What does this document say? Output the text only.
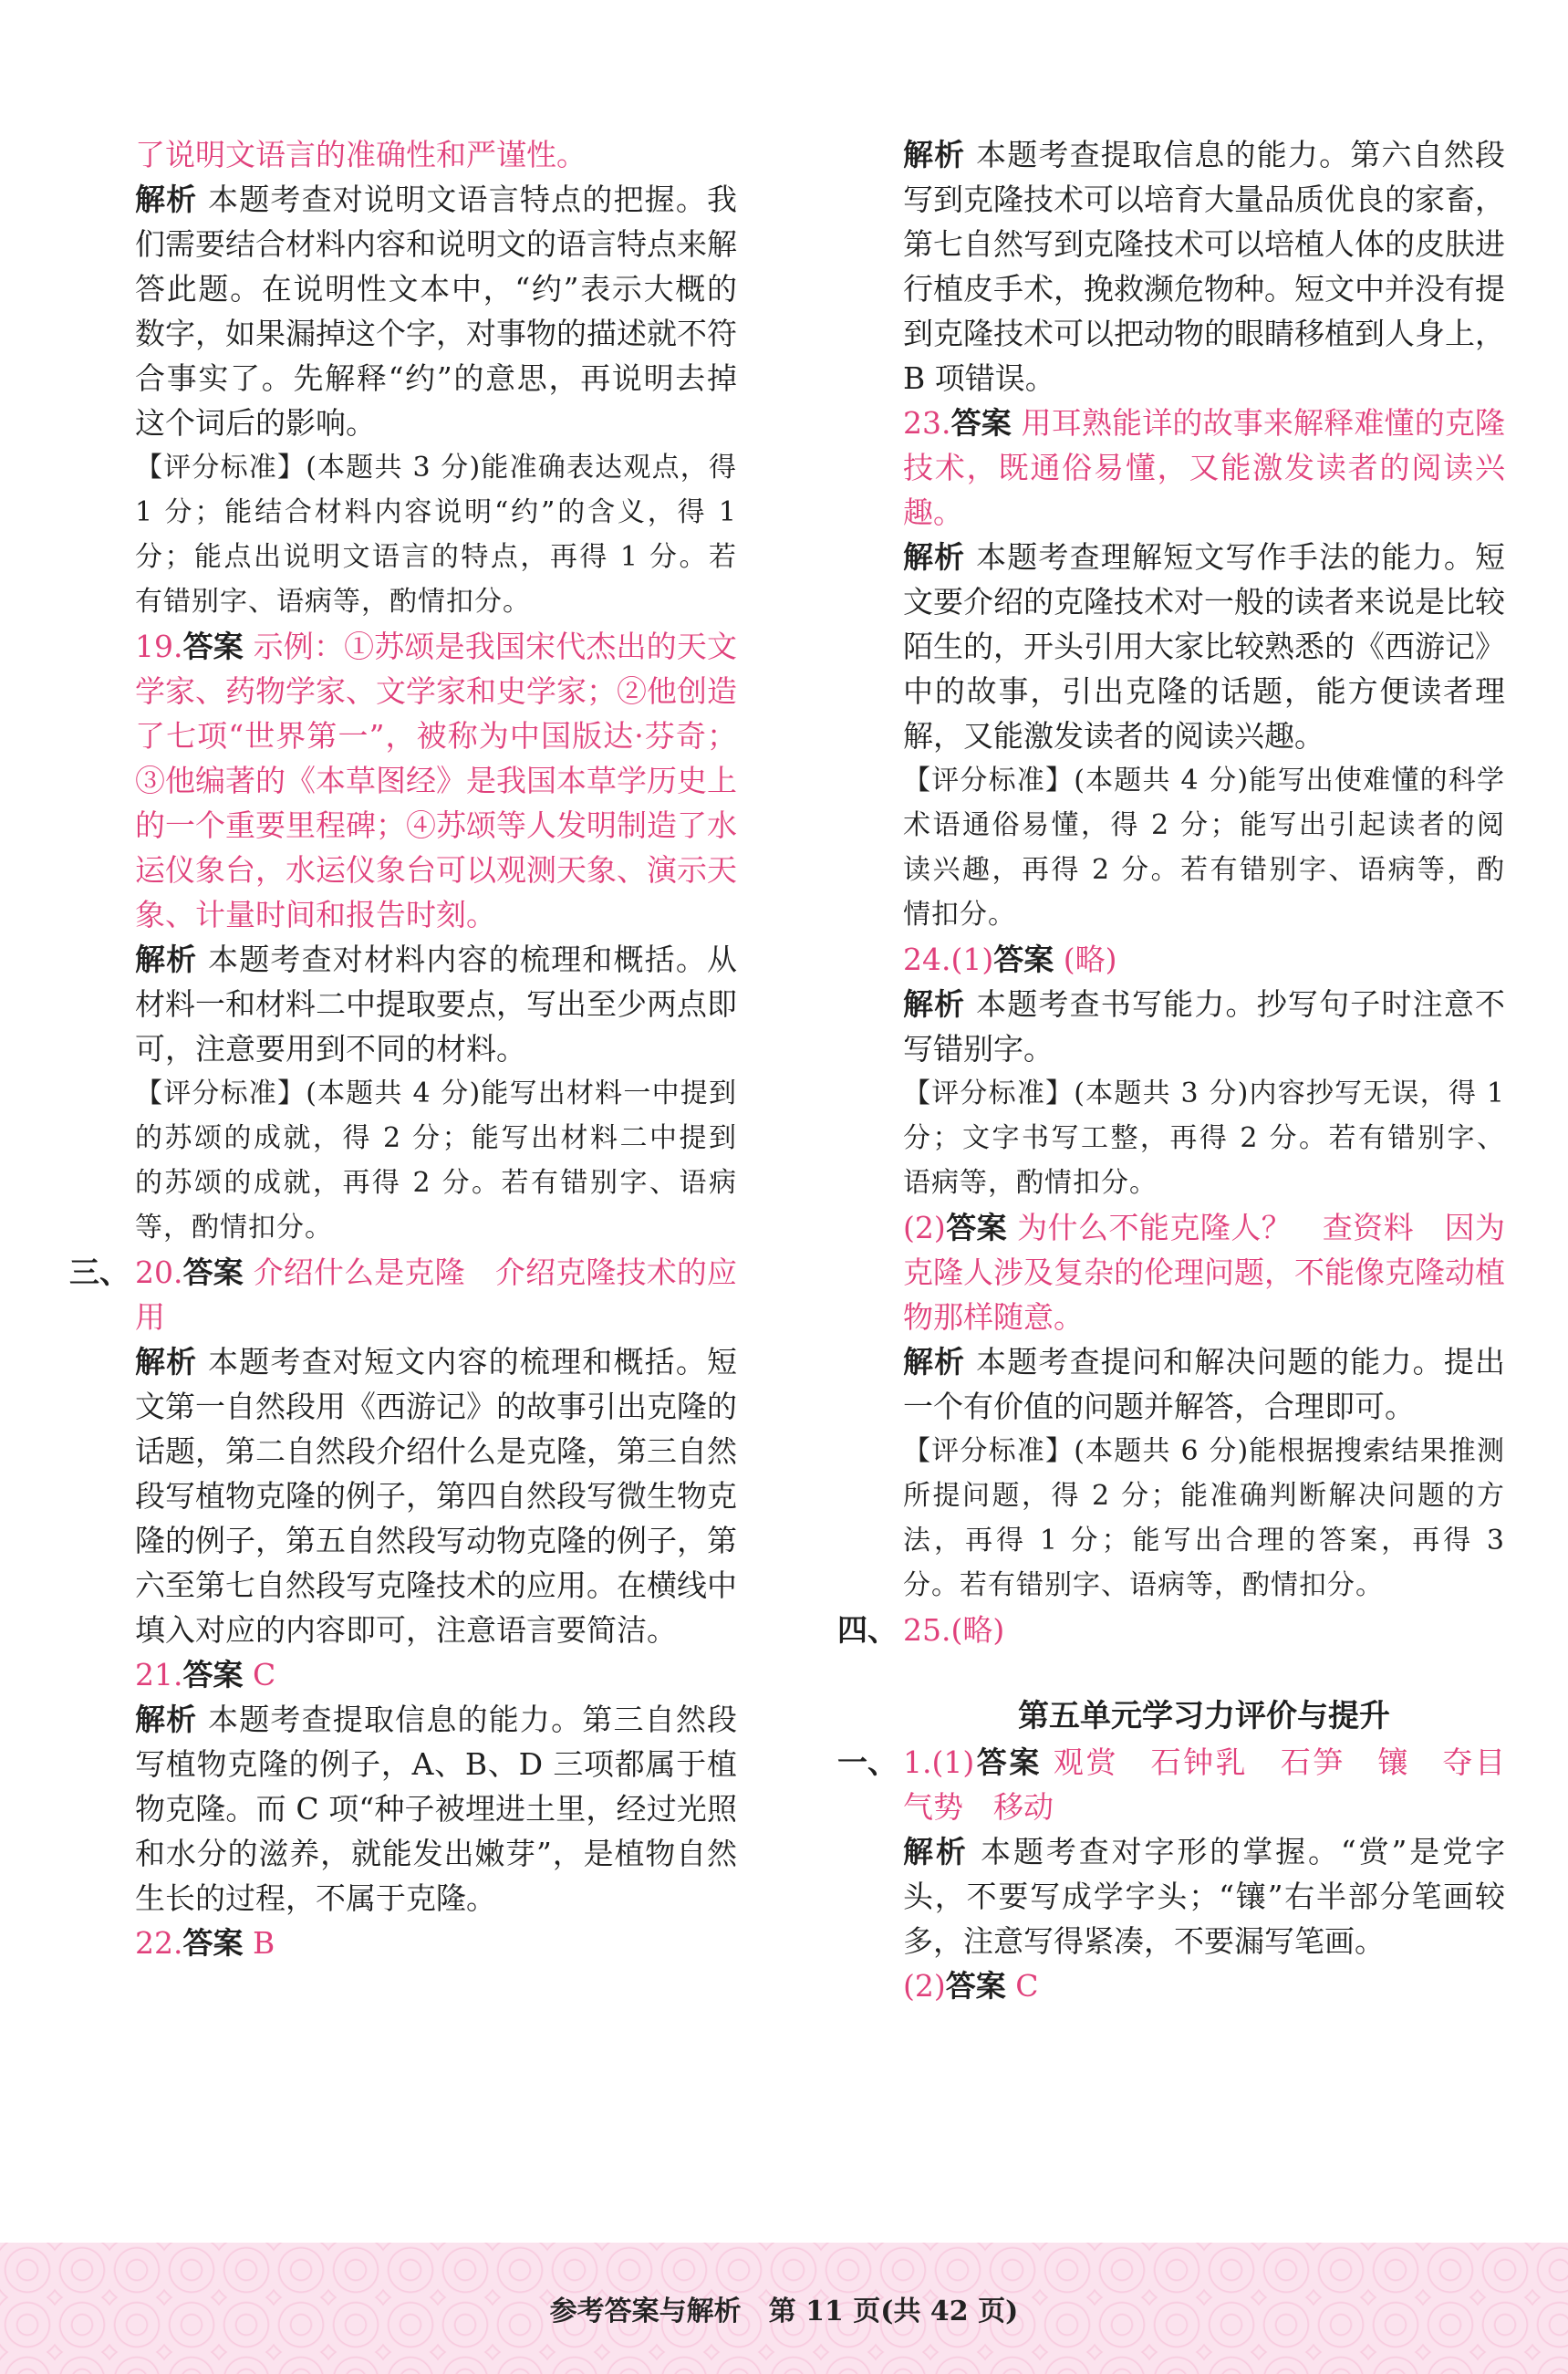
了说明文语言的准确性和严谨性。

解析 本题考查对说明文语言特点的把握。我们需要结合材料内容和说明文的语言特点来解答此题。在说明性文本中，“约”表示大概的数字，如果漏掉这个字，对事物的描述就不符合事实了。先解释“约”的意思，再说明去掉这个词后的影响。

【评分标准】(本题共 3 分)能准确表达观点，得 1 分；能结合材料内容说明“约”的含义，得 1 分；能点出说明文语言的特点，再得 1 分。若有错别字、语病等，酌情扣分。

19.答案 示例：①苏颂是我国宋代杰出的天文学家、药物学家、文学家和史学家；②他创造了七项“世界第一”，被称为中国版达·芬奇；③他编著的《本草图经》是我国本草学历史上的一个重要里程碑；④苏颂等人发明制造了水运仪象台，水运仪象台可以观测天象、演示天象、计量时间和报告时刻。

解析 本题考查对材料内容的梳理和概括。从材料一和材料二中提取要点，写出至少两点即可，注意要用到不同的材料。

【评分标准】(本题共 4 分)能写出材料一中提到的苏颂的成就，得 2 分；能写出材料二中提到的苏颂的成就，再得 2 分。若有错别字、语病等，酌情扣分。

三、 20.答案 介绍什么是克隆　介绍克隆技术的应用

解析 本题考查对短文内容的梳理和概括。短文第一自然段用《西游记》的故事引出克隆的话题，第二自然段介绍什么是克隆，第三自然段写植物克隆的例子，第四自然段写微生物克隆的例子，第五自然段写动物克隆的例子，第六至第七自然段写克隆技术的应用。在横线中填入对应的内容即可，注意语言要简洁。

21.答案 C

解析 本题考查提取信息的能力。第三自然段写植物克隆的例子，A、B、D 三项都属于植物克隆。而 C 项“种子被埋进土里，经过光照和水分的滋养，就能发出嫩芽”，是植物自然生长的过程，不属于克隆。

22.答案 B

解析 本题考查提取信息的能力。第六自然段写到克隆技术可以培育大量品质优良的家畜，第七自然写到克隆技术可以培植人体的皮肤进行植皮手术，挽救濒危物种。短文中并没有提到克隆技术可以把动物的眼睛移植到人身上，B 项错误。

23.答案 用耳熟能详的故事来解释难懂的克隆技术，既通俗易懂，又能激发读者的阅读兴趣。

解析 本题考查理解短文写作手法的能力。短文要介绍的克隆技术对一般的读者来说是比较陌生的，开头引用大家比较熟悉的《西游记》中的故事，引出克隆的话题，能方便读者理解，又能激发读者的阅读兴趣。

【评分标准】(本题共 4 分)能写出使难懂的科学术语通俗易懂，得 2 分；能写出引起读者的阅读兴趣，再得 2 分。若有错别字、语病等，酌情扣分。

24.(1)答案 (略)

解析 本题考查书写能力。抄写句子时注意不写错别字。

【评分标准】(本题共 3 分)内容抄写无误，得 1 分；文字书写工整，再得 2 分。若有错别字、语病等，酌情扣分。

(2)答案 为什么不能克隆人？　查资料　因为克隆人涉及复杂的伦理问题，不能像克隆动植物那样随意。

解析 本题考查提问和解决问题的能力。提出一个有价值的问题并解答，合理即可。

【评分标准】(本题共 6 分)能根据搜索结果推测所提问题，得 2 分；能准确判断解决问题的方法，再得 1 分；能写出合理的答案，再得 3 分。若有错别字、语病等，酌情扣分。

四、 25.(略)

第五单元学习力评价与提升

一、 1.(1)答案 观赏　石钟乳　石笋　镶　夺目　气势　移动

解析 本题考查对字形的掌握。“赏”是党字头，不要写成学字头；“镶”右半部分笔画较多，注意写得紧凑，不要漏写笔画。

(2)答案 C

参考答案与解析　第 11 页(共 42 页)
